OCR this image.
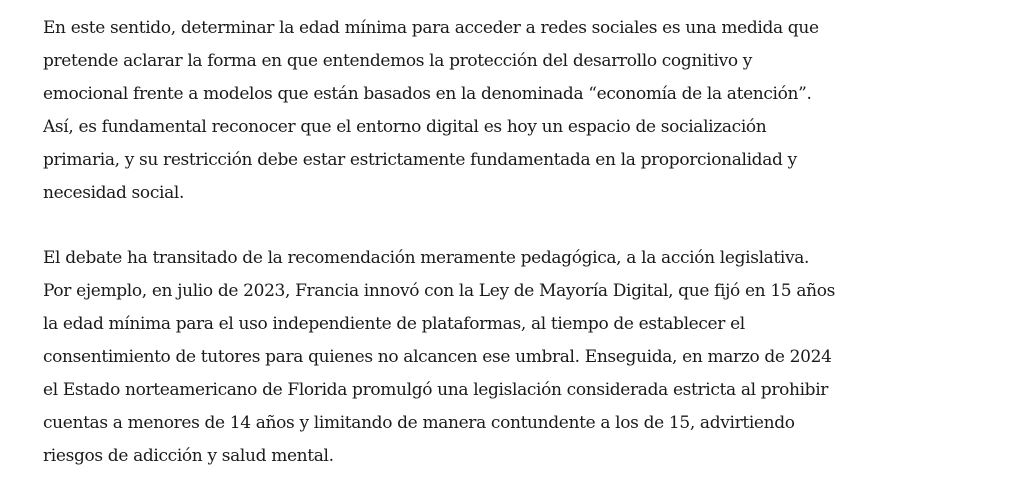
En este sentido, determinar la edad mínima para acceder a redes sociales es una medida que
pretende aclarar la forma en que entendemos la protección del desarrollo cognitivo y
emocional frente a modelos que están basados en la denominada “economía de la atención”.
Así, es fundamental reconocer que el entorno digital es hoy un espacio de socialización
primaria, y su restricción debe estar estrictamente fundamentada en la proporcionalidad y
necesidad social.

El debate ha transitado de la recomendación meramente pedagógica, a la acción legislativa.
Por ejemplo, en julio de 2023, Francia innovó con la Ley de Mayoría Digital, que fijó en 15 años
la edad mínima para el uso independiente de plataformas, al tiempo de establecer el
consentimiento de tutores para quienes no alcancen ese umbral. Enseguida, en marzo de 2024
el Estado norteamericano de Florida promulgó una legislación considerada estricta al prohibir
cuentas a menores de 14 años y limitando de manera contundente a los de 15, advirtiendo
riesgos de adicción y salud mental.
